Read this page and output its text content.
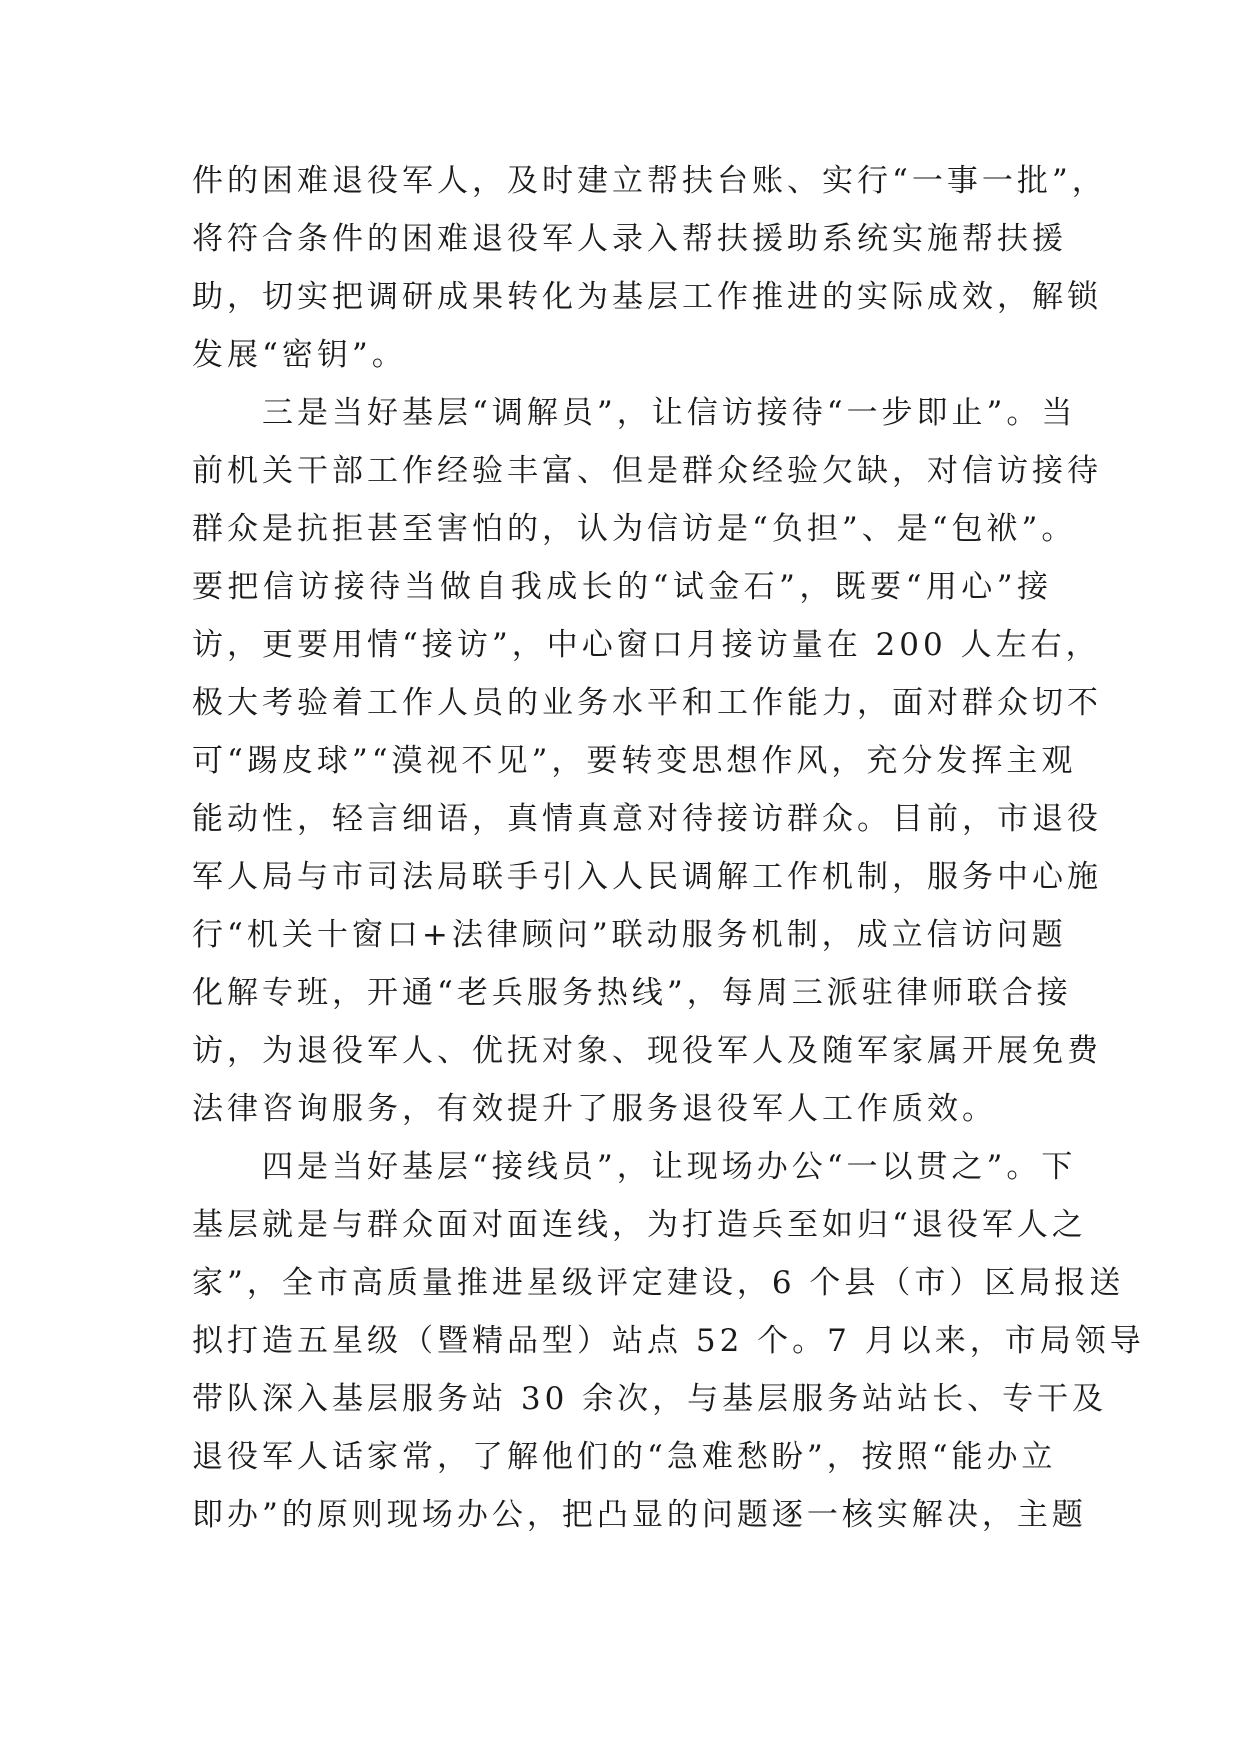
件的困难退役军人，及时建立帮扶台账、实行“一事一批”，
将符合条件的困难退役军人录入帮扶援助系统实施帮扶援
助，切实把调研成果转化为基层工作推进的实际成效，解锁
发展“密钥”。
三是当好基层“调解员”，让信访接待“一步即止”。当
前机关干部工作经验丰富、但是群众经验欠缺，对信访接待
群众是抗拒甚至害怕的，认为信访是“负担”、是“包袱”。
要把信访接待当做自我成长的“试金石”，既要“用心”接
访，更要用情“接访”，中心窗口月接访量在 200 人左右，
极大考验着工作人员的业务水平和工作能力，面对群众切不
可“踢皮球”“漠视不见”，要转变思想作风，充分发挥主观
能动性，轻言细语，真情真意对待接访群众。目前，市退役
军人局与市司法局联手引入人民调解工作机制，服务中心施
行“机关十窗口+法律顾问”联动服务机制，成立信访问题
化解专班，开通“老兵服务热线”，每周三派驻律师联合接
访，为退役军人、优抚对象、现役军人及随军家属开展免费
法律咨询服务，有效提升了服务退役军人工作质效。
四是当好基层“接线员”，让现场办公“一以贯之”。下
基层就是与群众面对面连线，为打造兵至如归“退役军人之
家”，全市高质量推进星级评定建设，6 个县（市）区局报送
拟打造五星级（暨精品型）站点 52 个。7 月以来，市局领导
带队深入基层服务站 30 余次，与基层服务站站长、专干及
退役军人话家常，了解他们的“急难愁盼”，按照“能办立
即办”的原则现场办公，把凸显的问题逐一核实解决，主题
